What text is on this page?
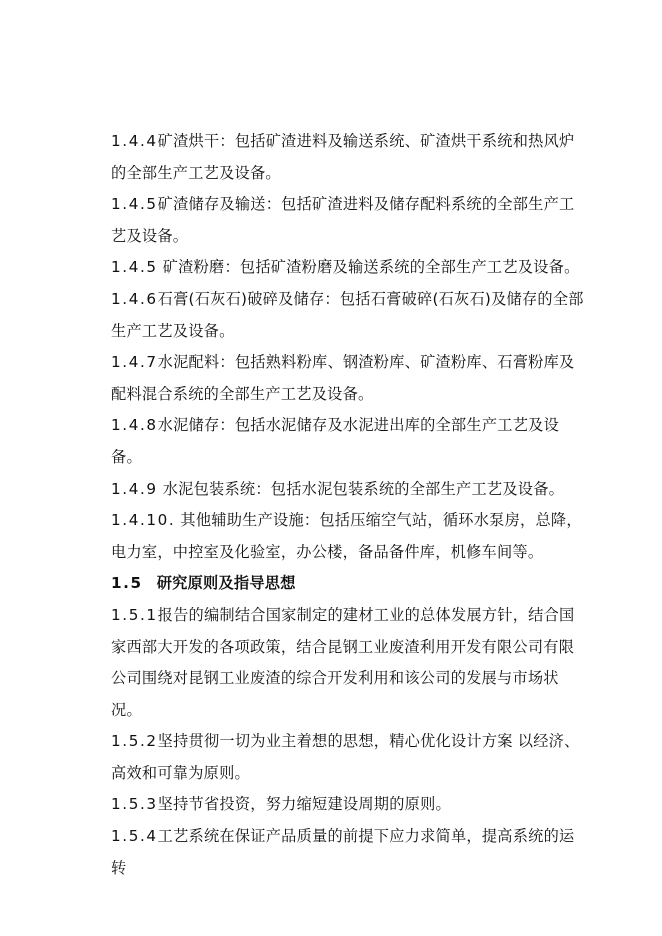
1.4.4矿渣烘干：包括矿渣进料及输送系统、矿渣烘干系统和热风炉的全部生产工艺及设备。

1.4.5矿渣储存及输送：包括矿渣进料及储存配料系统的全部生产工艺及设备。

1.4.5 矿渣粉磨：包括矿渣粉磨及输送系统的全部生产工艺及设备。

1.4.6石膏(石灰石)破碎及储存：包括石膏破碎(石灰石)及储存的全部生产工艺及设备。

1.4.7水泥配料：包括熟料粉库、钢渣粉库、矿渣粉库、石膏粉库及配料混合系统的全部生产工艺及设备。

1.4.8水泥储存：包括水泥储存及水泥进出库的全部生产工艺及设备。

1.4.9 水泥包装系统：包括水泥包装系统的全部生产工艺及设备。

1.4.10. 其他辅助生产设施：包括压缩空气站，循环水泵房，总降，电力室，中控室及化验室，办公楼，备品备件库，机修车间等。

1.5 研究原则及指导思想

1.5.1报告的编制结合国家制定的建材工业的总体发展方针，结合国家西部大开发的各项政策，结合昆钢工业废渣利用开发有限公司有限公司围绕对昆钢工业废渣的综合开发利用和该公司的发展与市场状况。

1.5.2坚持贯彻一切为业主着想的思想，精心优化设计方案 以经济、高效和可靠为原则。

1.5.3坚持节省投资，努力缩短建设周期的原则。

1.5.4工艺系统在保证产品质量的前提下应力求简单，提高系统的运转
